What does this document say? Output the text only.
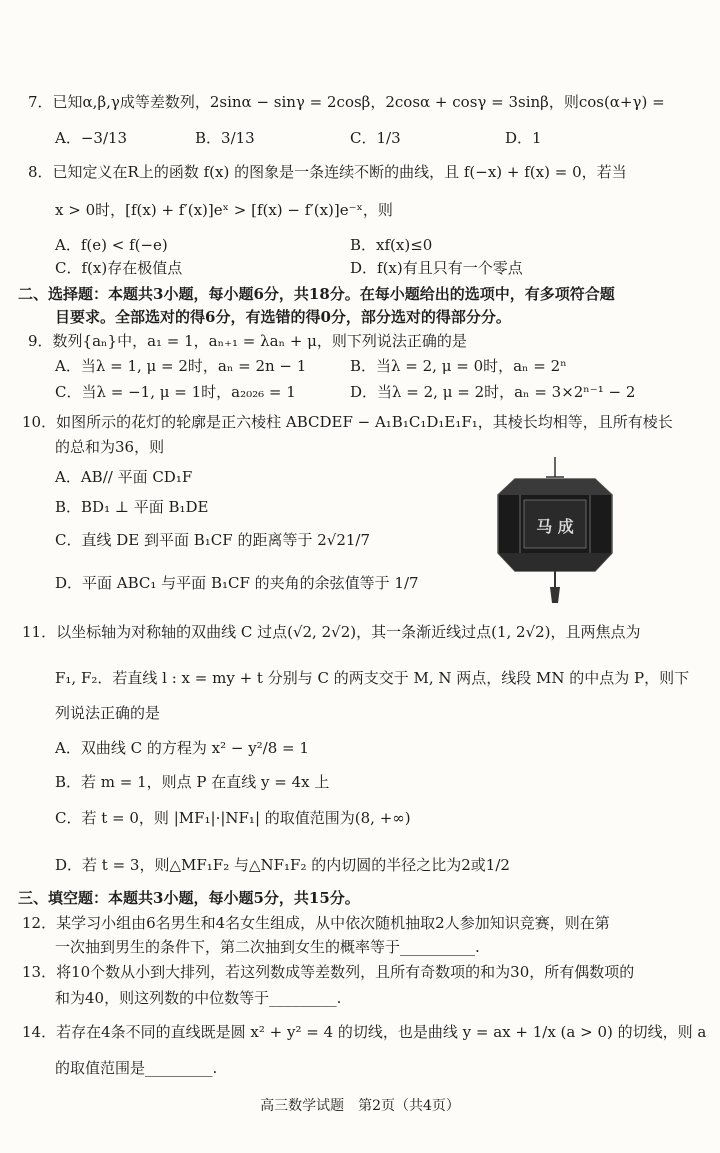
7．已知α,β,γ成等差数列，2sinα − sinγ = 2cosβ，2cosα + cosγ = 3sinβ，则cos(α+γ) =
A．−3/13	B．3/13	C．1/3	D．1
8．已知定义在R上的函数 f(x) 的图象是一条连续不断的曲线，且 f(−x) + f(x) = 0，若当
x > 0时，[f(x) + f′(x)]eˣ > [f(x) − f′(x)]e⁻ˣ，则
A．f(e) < f(−e)	B．xf(x)≤0
C．f(x)存在极值点	D．f(x)有且只有一个零点
二、选择题：本题共3小题，每小题6分，共18分。在每小题给出的选项中，有多项符合题
目要求。全部选对的得6分，有选错的得0分，部分选对的得部分分。
9．数列{aₙ}中，a₁ = 1，aₙ₊₁ = λaₙ + μ，则下列说法正确的是
A．当λ = 1, μ = 2时，aₙ = 2n − 1	B．当λ = 2, μ = 0时，aₙ = 2ⁿ
C．当λ = −1, μ = 1时，a₂₀₂₆ = 1	D．当λ = 2, μ = 2时，aₙ = 3×2ⁿ⁻¹ − 2
10．如图所示的花灯的轮廓是正六棱柱 ABCDEF − A₁B₁C₁D₁E₁F₁，其棱长均相等，且所有棱长
的总和为36，则
A．AB// 平面 CD₁F
B．BD₁ ⊥ 平面 B₁DE
C．直线 DE 到平面 B₁CF 的距离等于 2√21/7
D．平面 ABC₁ 与平面 B₁CF 的夹角的余弦值等于 1/7
马 成
11．以坐标轴为对称轴的双曲线 C 过点(√2, 2√2)，其一条渐近线过点(1, 2√2)，且两焦点为
F₁, F₂．若直线 l : x = my + t 分别与 C 的两支交于 M, N 两点，线段 MN 的中点为 P，则下
列说法正确的是
A．双曲线 C 的方程为 x² − y²/8 = 1
B．若 m = 1，则点 P 在直线 y = 4x 上
C．若 t = 0，则 |MF₁|·|NF₁| 的取值范围为(8, +∞)
D．若 t = 3，则△MF₁F₂ 与△NF₁F₂ 的内切圆的半径之比为2或1/2
三、填空题：本题共3小题，每小题5分，共15分。
12．某学习小组由6名男生和4名女生组成，从中依次随机抽取2人参加知识竞赛，则在第
一次抽到男生的条件下，第二次抽到女生的概率等于__________.
13．将10个数从小到大排列，若这列数成等差数列，且所有奇数项的和为30，所有偶数项的
和为40，则这列数的中位数等于_________.
14．若存在4条不同的直线既是圆 x² + y² = 4 的切线，也是曲线 y = ax + 1/x (a > 0) 的切线，则 a
的取值范围是_________.
高三数学试题　第2页（共4页）
